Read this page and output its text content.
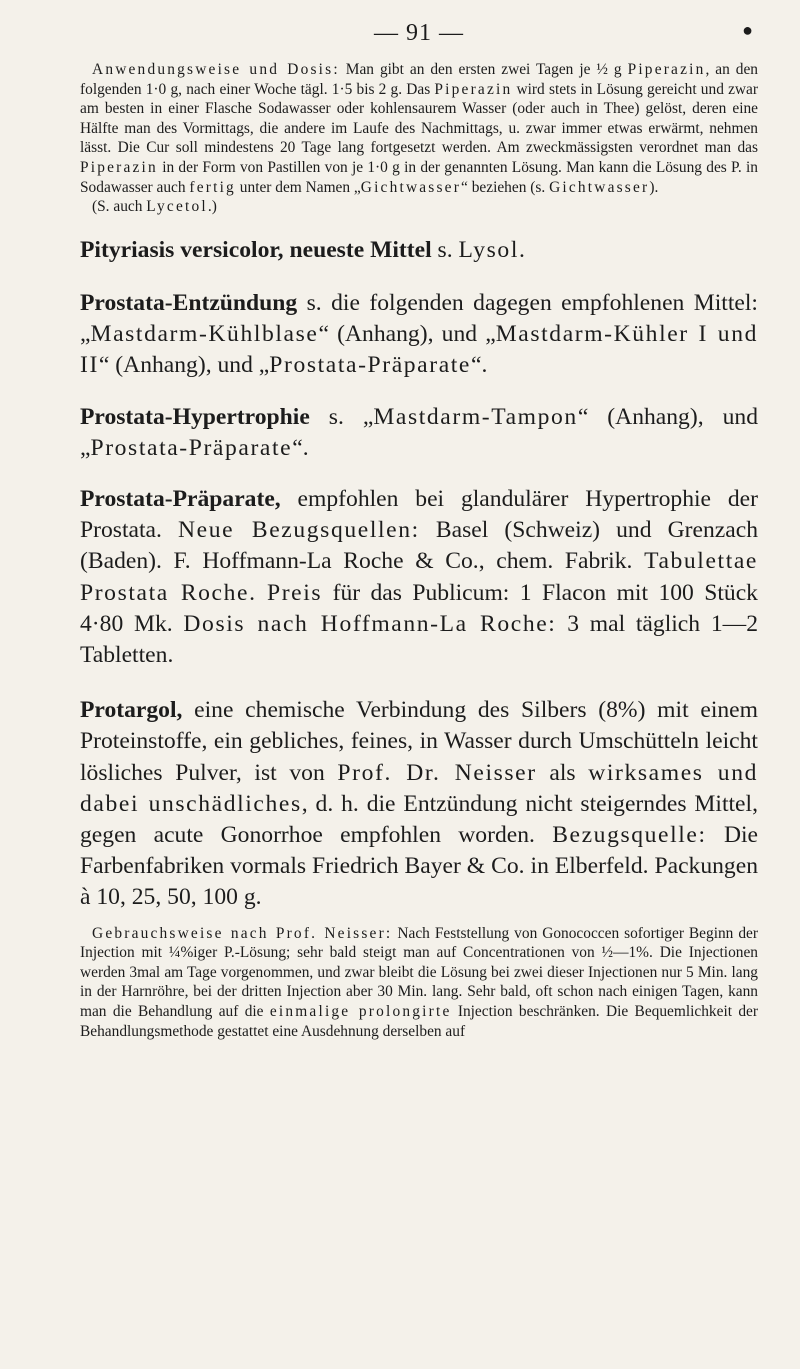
— 91 —	●

Anwendungsweise und Dosis: Man gibt an den ersten zwei Tagen je ½ g Piperazin, an den folgenden 1·0 g, nach einer Woche tägl. 1·5 bis 2 g. Das Piperazin wird stets in Lösung gereicht und zwar am besten in einer Flasche Sodawasser oder kohlensaurem Wasser (oder auch in Thee) gelöst, deren eine Hälfte man des Vormittags, die andere im Laufe des Nachmittags, u. zwar immer etwas erwärmt, nehmen lässt. Die Cur soll mindestens 20 Tage lang fortgesetzt werden. Am zweckmässigsten verordnet man das Piperazin in der Form von Pastillen von je 1·0 g in der genannten Lösung. Man kann die Lösung des P. in Sodawasser auch fertig unter dem Namen „Gichtwasser“ beziehen (s. Gichtwasser).
(S. auch Lycetol.)

Pityriasis versicolor, neueste Mittel s. Lysol.

Prostata-Entzündung s. die folgenden dagegen empfohlenen Mittel: „Mastdarm-Kühlblase“ (Anhang), und „Mastdarm-Kühler I und II“ (Anhang), und „Prostata-Präparate“.

Prostata-Hypertrophie s. „Mastdarm-Tampon“ (Anhang), und „Prostata-Präparate“.

Prostata-Präparate, empfohlen bei glandulärer Hypertrophie der Prostata. Neue Bezugsquellen: Basel (Schweiz) und Grenzach (Baden). F. Hoffmann-La Roche & Co., chem. Fabrik. Tabulettae Prostata Roche. Preis für das Publicum: 1 Flacon mit 100 Stück 4·80 Mk. Dosis nach Hoffmann-La Roche: 3 mal täglich 1—2 Tabletten.

Protargol, eine chemische Verbindung des Silbers (8%) mit einem Proteinstoffe, ein gebliches, feines, in Wasser durch Umschütteln leicht lösliches Pulver, ist von Prof. Dr. Neisser als wirksames und dabei unschädliches, d. h. die Entzündung nicht steigerndes Mittel, gegen acute Gonorrhoe empfohlen worden. Bezugsquelle: Die Farbenfabriken vormals Friedrich Bayer & Co. in Elberfeld. Packungen à 10, 25, 50, 100 g.

Gebrauchsweise nach Prof. Neisser: Nach Feststellung von Gonococcen sofortiger Beginn der Injection mit ¼%iger P.-Lösung; sehr bald steigt man auf Concentrationen von ½—1%. Die Injectionen werden 3mal am Tage vorgenommen, und zwar bleibt die Lösung bei zwei dieser Injectionen nur 5 Min. lang in der Harnröhre, bei der dritten Injection aber 30 Min. lang. Sehr bald, oft schon nach einigen Tagen, kann man die Behandlung auf die einmalige prolongirte Injection beschränken. Die Bequemlichkeit der Behandlungsmethode gestattet eine Ausdehnung derselben auf
